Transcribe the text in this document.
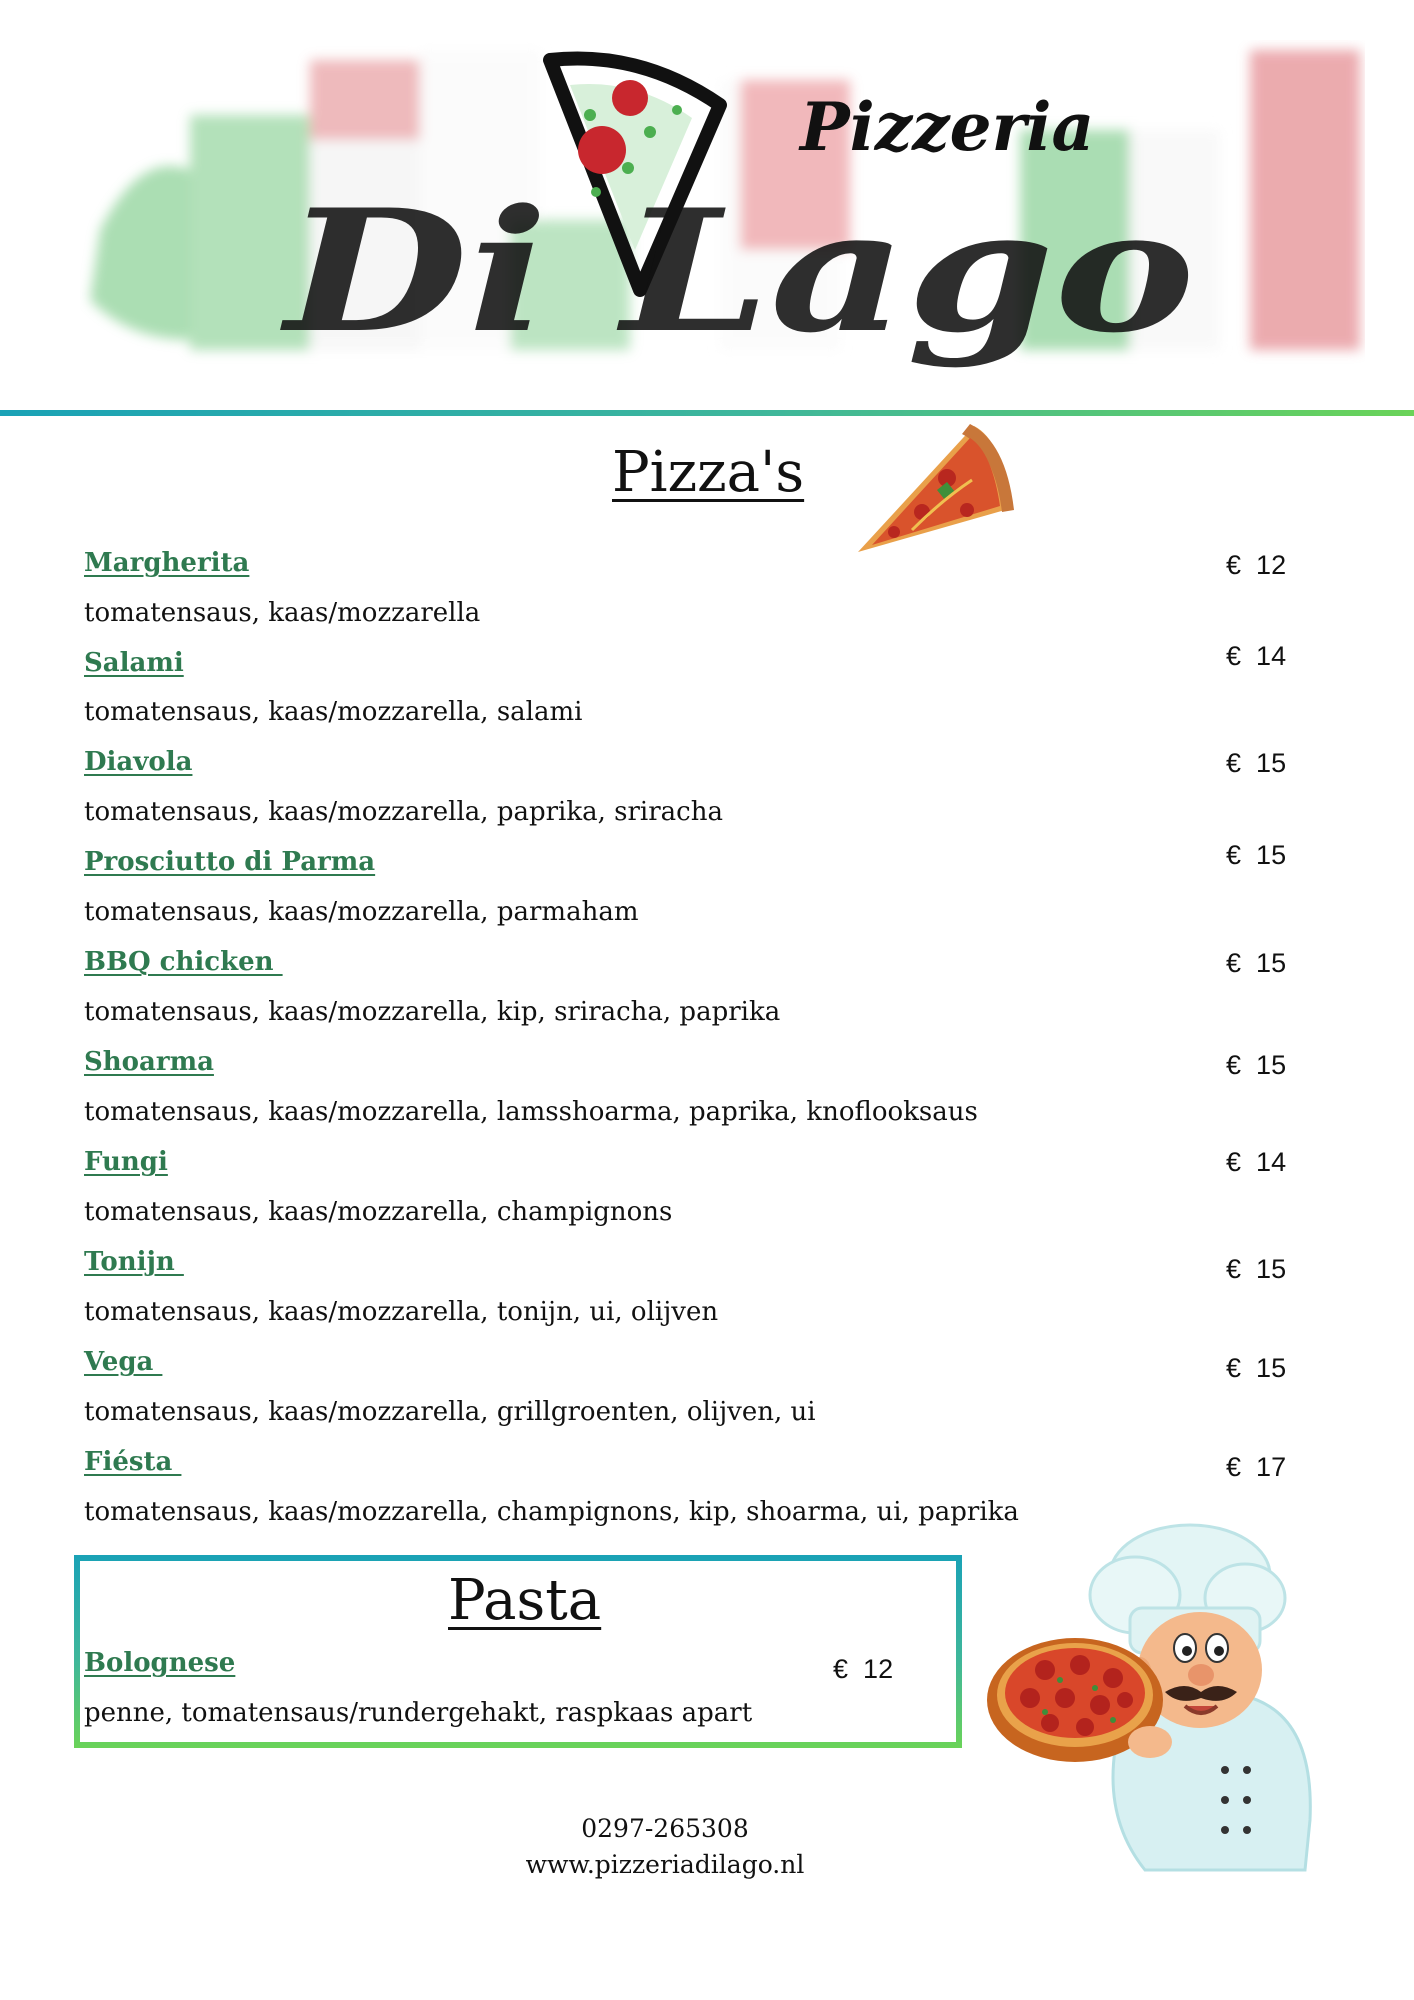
Pizzeria
Di Lago
Pizza's
Margherita
tomatensaus, kaas/mozzarella
€ 12
Salami
tomatensaus, kaas/mozzarella, salami
€ 14
Diavola
tomatensaus, kaas/mozzarella, paprika, sriracha
€ 15
Prosciutto di Parma
tomatensaus, kaas/mozzarella, parmaham
€ 15
BBQ chicken
tomatensaus, kaas/mozzarella, kip, sriracha, paprika
€ 15
Shoarma
tomatensaus, kaas/mozzarella, lamsshoarma, paprika, knoflooksaus
€ 15
Fungi
tomatensaus, kaas/mozzarella, champignons
€ 14
Tonijn
tomatensaus, kaas/mozzarella, tonijn, ui, olijven
€ 15
Vega
tomatensaus, kaas/mozzarella, grillgroenten, olijven, ui
€ 15
Fiésta
tomatensaus, kaas/mozzarella, champignons, kip, shoarma, ui, paprika
€ 17
Pasta
Bolognese
penne, tomatensaus/rundergehakt, raspkaas apart
€ 12
0297-265308
www.pizzeriadilago.nl
